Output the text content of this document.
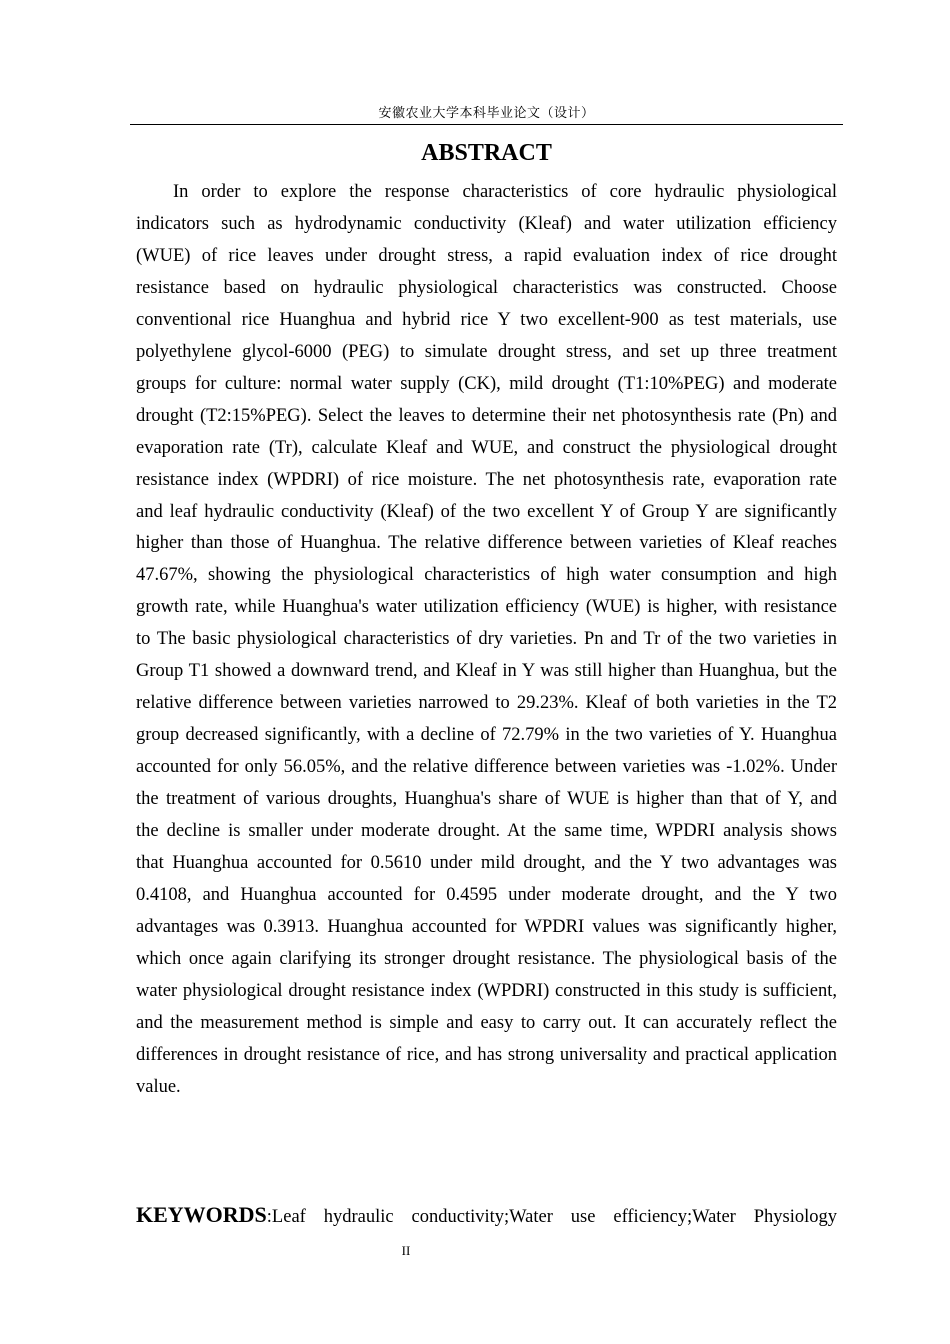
安徽农业大学本科毕业论文（设计）
ABSTRACT

In order to explore the response characteristics of core hydraulic physiological indicators such as hydrodynamic conductivity (Kleaf) and water utilization efficiency (WUE) of rice leaves under drought stress, a rapid evaluation index of rice drought resistance based on hydraulic physiological characteristics was constructed. Choose conventional rice Huanghua and hybrid rice Y two excellent-900 as test materials, use polyethylene glycol-6000 (PEG) to simulate drought stress, and set up three treatment groups for culture: normal water supply (CK), mild drought (T1:10%PEG) and moderate drought (T2:15%PEG). Select the leaves to determine their net photosynthesis rate (Pn) and evaporation rate (Tr), calculate Kleaf and WUE, and construct the physiological drought resistance index (WPDRI) of rice moisture. The net photosynthesis rate, evaporation rate and leaf hydraulic conductivity (Kleaf) of the two excellent Y of Group Y are significantly higher than those of Huanghua. The relative difference between varieties of Kleaf reaches 47.67%, showing the physiological characteristics of high water consumption and high growth rate, while Huanghua's water utilization efficiency (WUE) is higher, with resistance to The basic physiological characteristics of dry varieties. Pn and Tr of the two varieties in Group T1 showed a downward trend, and Kleaf in Y was still higher than Huanghua, but the relative difference between varieties narrowed to 29.23%. Kleaf of both varieties in the T2 group decreased significantly, with a decline of 72.79% in the two varieties of Y. Huanghua accounted for only 56.05%, and the relative difference between varieties was -1.02%. Under the treatment of various droughts, Huanghua's share of WUE is higher than that of Y, and the decline is smaller under moderate drought. At the same time, WPDRI analysis shows that Huanghua accounted for 0.5610 under mild drought, and the Y two advantages was 0.4108, and Huanghua accounted for 0.4595 under moderate drought, and the Y two advantages was 0.3913. Huanghua accounted for WPDRI values was significantly higher, which once again clarifying its stronger drought resistance. The physiological basis of the water physiological drought resistance index (WPDRI) constructed in this study is sufficient, and the measurement method is simple and easy to carry out. It can accurately reflect the differences in drought resistance of rice, and has strong universality and practical application value.

KEYWORDS:Leaf hydraulic conductivity;Water use efficiency;Water Physiology
II
